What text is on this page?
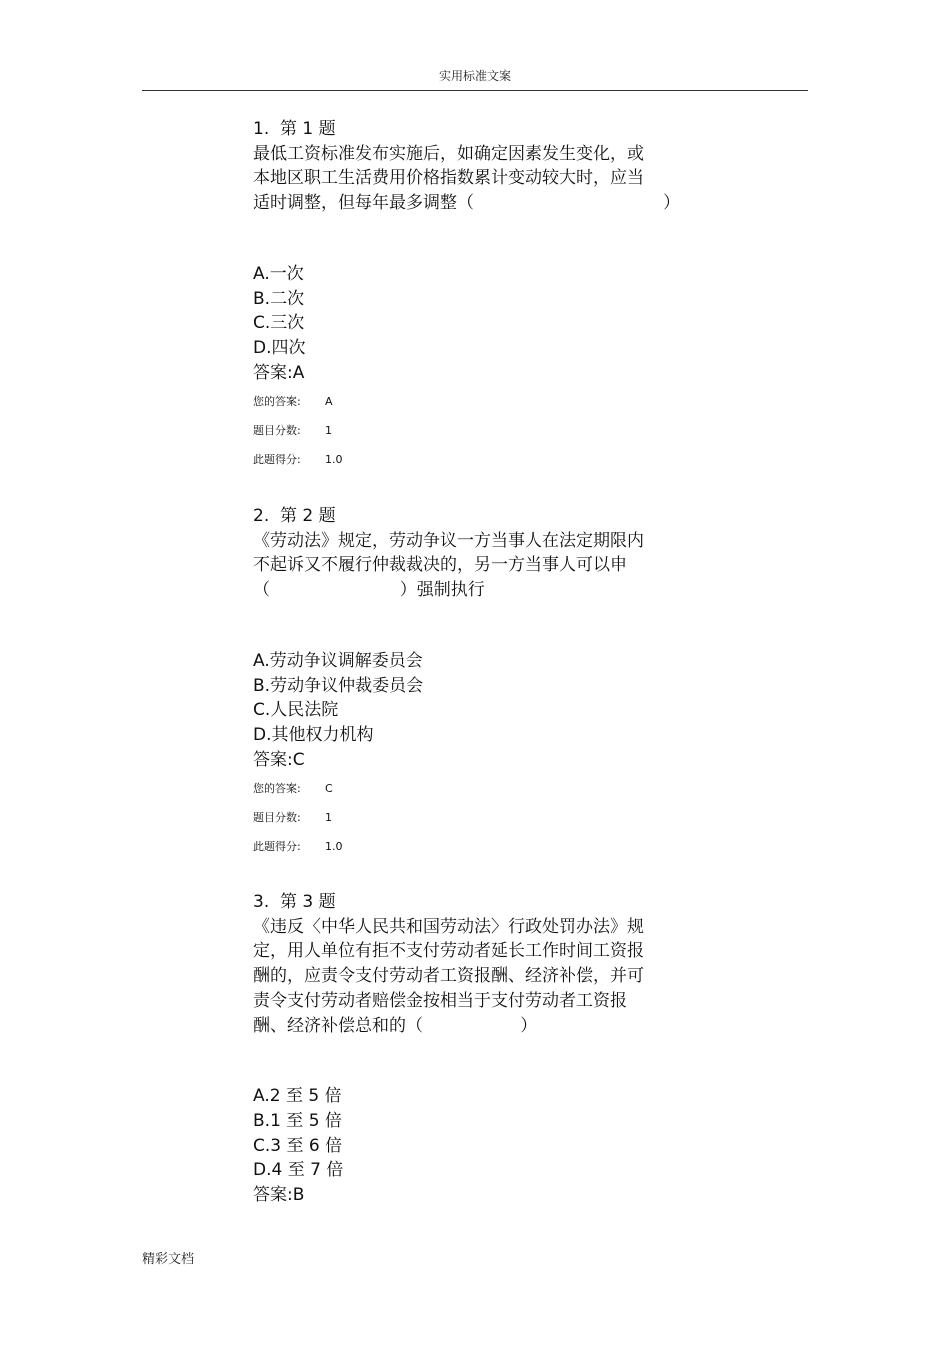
实用标准文案

1.  第 1 题

最低工资标准发布实施后，如确定因素发生变化，或

本地区职工生活费用价格指数累计变动较大时，应当

适时调整，但每年最多调整（                                   ）

A.一次

B.二次

C.三次

D.四次

答案:A

您的答案: A

题目分数: 1

此题得分: 1.0

2.  第 2 题

《劳动法》规定，劳动争议一方当事人在法定期限内

不起诉又不履行仲裁裁决的，另一方当事人可以申

（                        ）强制执行

A.劳动争议调解委员会

B.劳动争议仲裁委员会

C.人民法院

D.其他权力机构

答案:C

您的答案: C

题目分数: 1

此题得分: 1.0

3.  第 3 题

《违反〈中华人民共和国劳动法〉行政处罚办法》规

定，用人单位有拒不支付劳动者延长工作时间工资报

酬的，应责令支付劳动者工资报酬、经济补偿，并可

责令支付劳动者赔偿金按相当于支付劳动者工资报

酬、经济补偿总和的（                  ）

A.2 至 5 倍

B.1 至 5 倍

C.3 至 6 倍

D.4 至 7 倍

答案:B

精彩文档
